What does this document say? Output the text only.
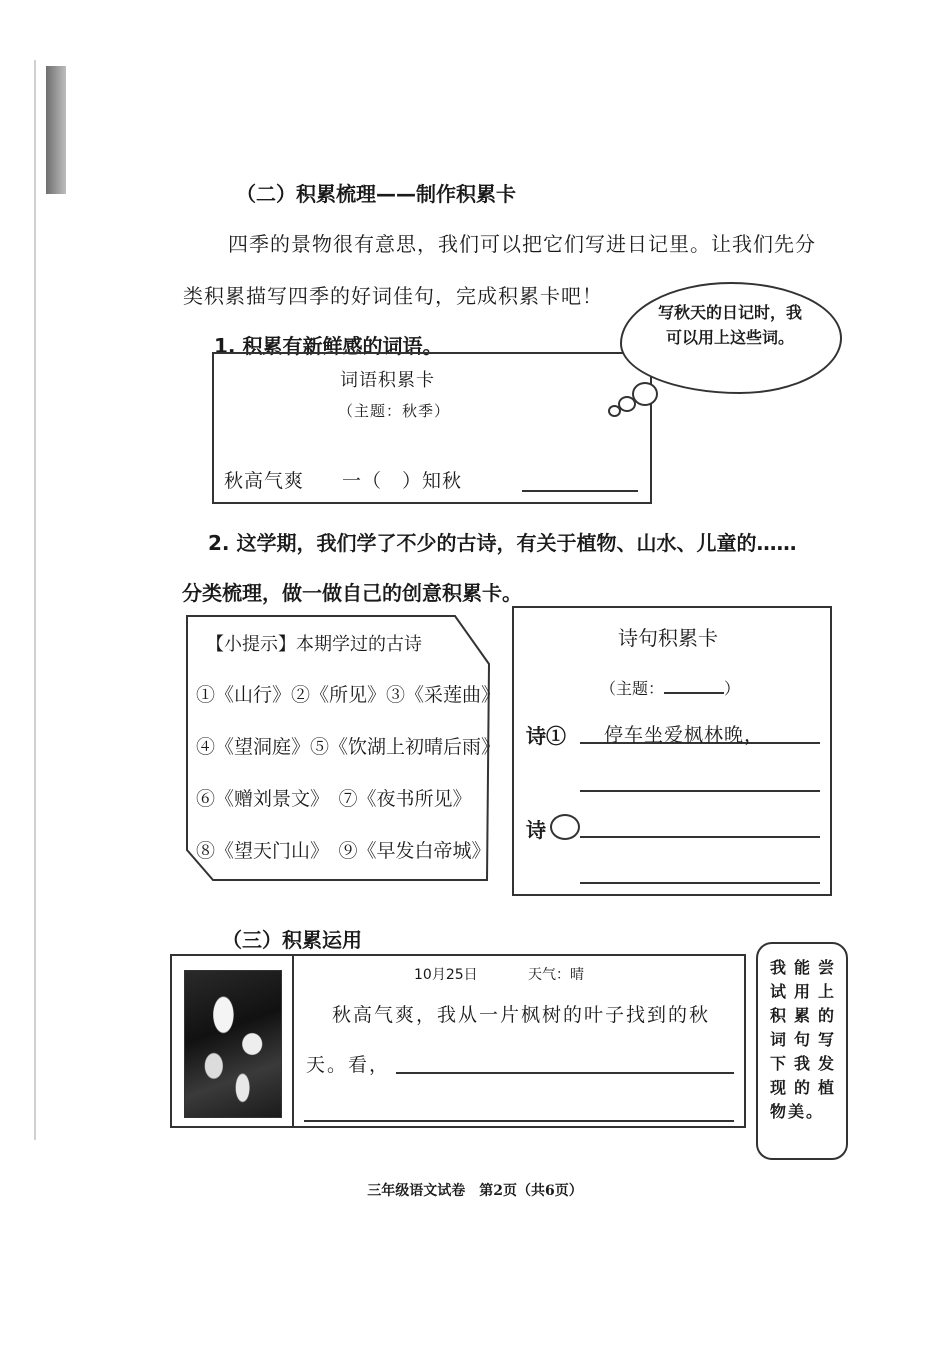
（二）积累梳理——制作积累卡
四季的景物很有意思，我们可以把它们写进日记里。让我们先分
类积累描写四季的好词佳句，完成积累卡吧！
1. 积累有新鲜感的词语。
词语积累卡
（主题：秋季）
秋高气爽 一（　）知秋
写秋天的日记时，我可以用上这些词。
2. 这学期，我们学了不少的古诗，有关于植物、山水、儿童的……
分类梳理，做一做自己的创意积累卡。
【小提示】本期学过的古诗
①《山行》②《所见》③《采莲曲》
④《望洞庭》⑤《饮湖上初晴后雨》
⑥《赠刘景文》　⑦《夜书所见》
⑧《望天门山》　⑨《早发白帝城》
诗句积累卡
（主题：	）
诗① 停车坐爱枫林晚，
诗
（三）积累运用
10月25日	天气：晴
秋高气爽，我从一片枫树的叶子找到的秋
天。看，
我能尝试用上积累的词句写下我发现的植物美。
三年级语文试卷　第2页（共6页）
